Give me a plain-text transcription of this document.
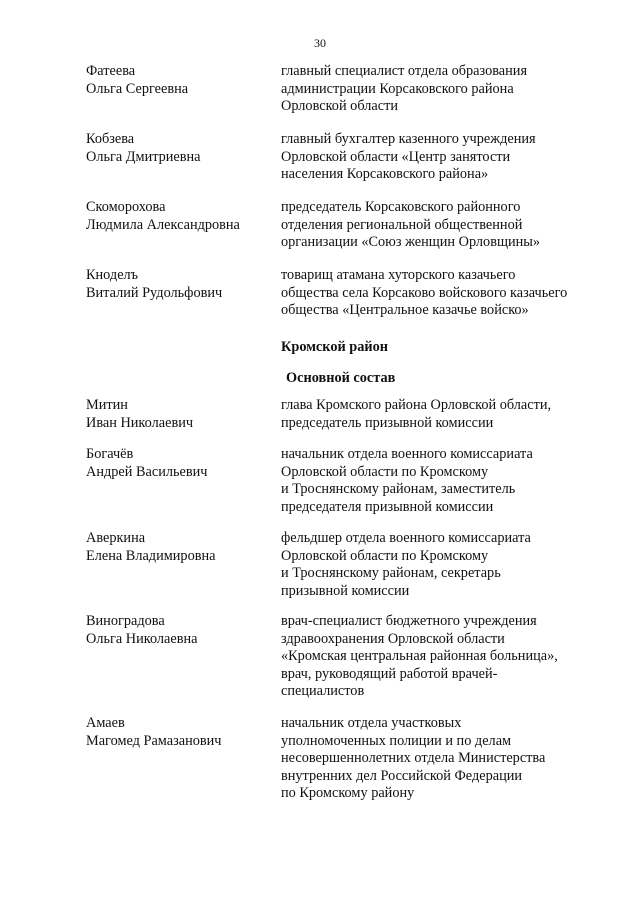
30
Фатеева
Ольга Сергеевна
главный специалист отдела образования
администрации Корсаковского района
Орловской области
Кобзева
Ольга Дмитриевна
главный бухгалтер казенного учреждения
Орловской области «Центр занятости
населения Корсаковского района»
Скоморохова
Людмила Александровна
председатель Корсаковского районного
отделения региональной общественной
организации «Союз женщин Орловщины»
Кноделъ
Виталий Рудольфович
товарищ атамана хуторского казачьего
общества села Корсаково войскового казачьего
общества «Центральное казачье войско»
Кромской район
Основной состав
Митин
Иван Николаевич
глава Кромского района Орловской области,
председатель призывной комиссии
Богачёв
Андрей Васильевич
начальник отдела военного комиссариата
Орловской области по Кромскому
и Троснянскому районам, заместитель
председателя призывной комиссии
Аверкина
Елена Владимировна
фельдшер отдела военного комиссариата
Орловской области по Кромскому
и Троснянскому районам, секретарь
призывной комиссии
Виноградова
Ольга Николаевна
врач-специалист бюджетного учреждения
здравоохранения Орловской области
«Кромская центральная районная больница»,
врач, руководящий работой врачей-
специалистов
Амаев
Магомед Рамазанович
начальник отдела участковых
уполномоченных полиции и по делам
несовершеннолетних отдела Министерства
внутренних дел Российской Федерации
по Кромскому району
